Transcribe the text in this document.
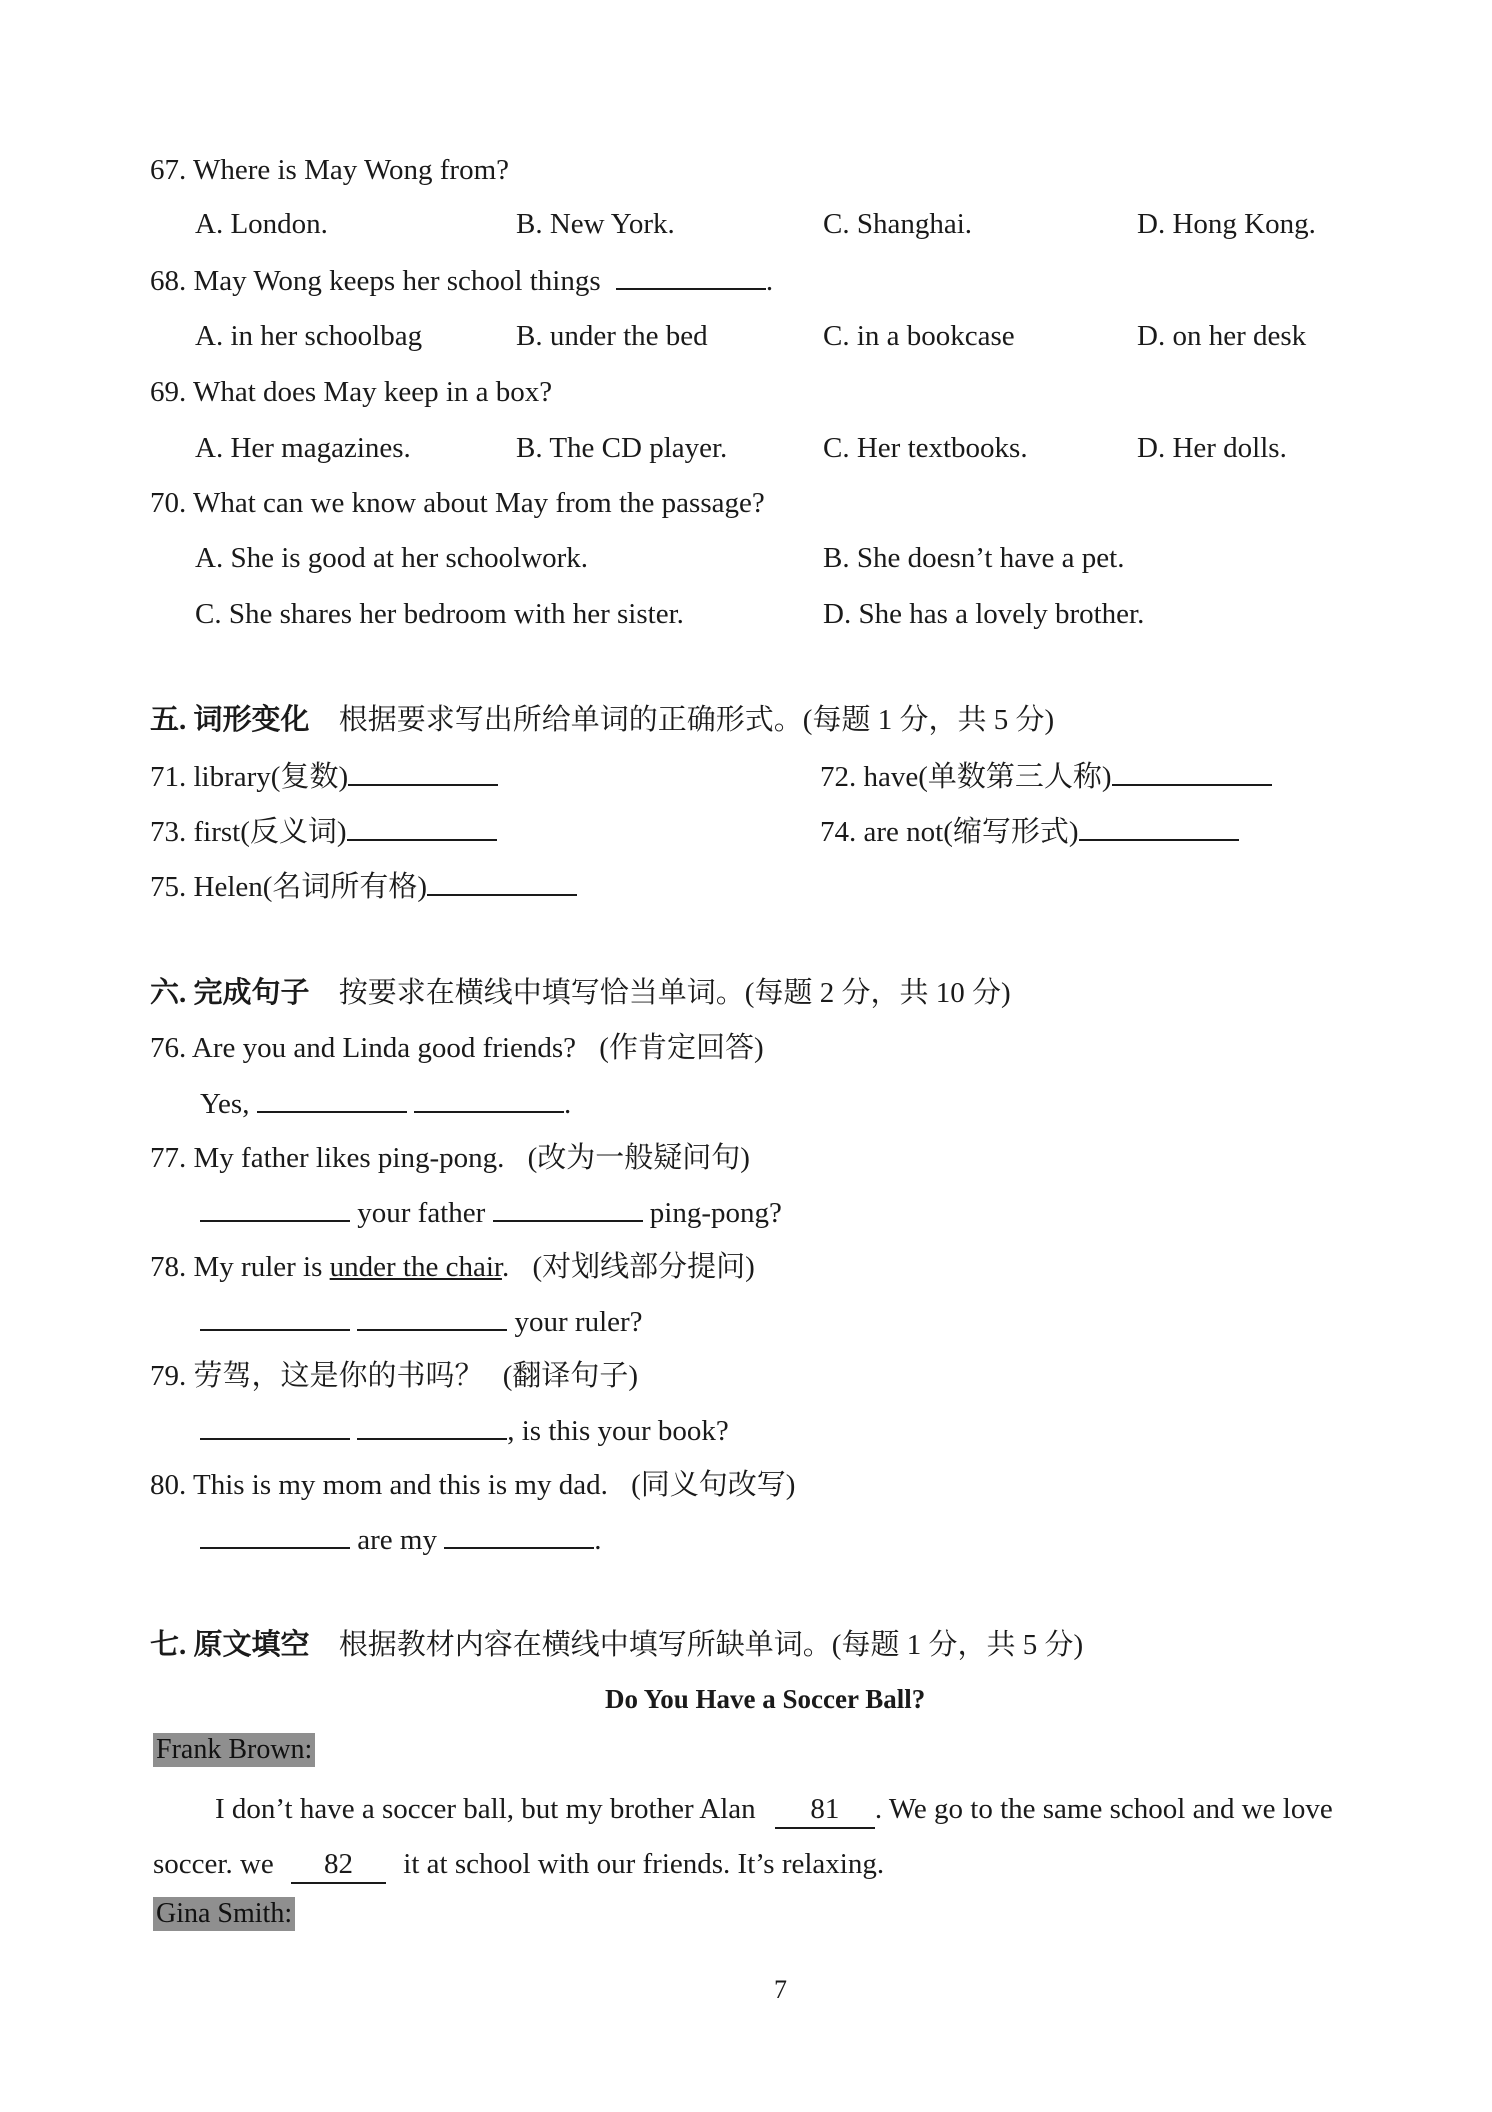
67. Where is May Wong from?
A. London.	B. New York.	C. Shanghai.	D. Hong Kong.
68. May Wong keeps her school things	.
A. in her schoolbag	B. under the bed	C. in a bookcase	D. on her desk
69. What does May keep in a box?
A. Her magazines.	B. The CD player.	C. Her textbooks.	D. Her dolls.
70. What can we know about May from the passage?
A. She is good at her schoolwork.	B. She doesn’t have a pet.
C. She shares her bedroom with her sister.	D. She has a lovely brother.
五. 词形变化 根据要求写出所给单词的正确形式。(每题 1 分，共 5 分)
71. library(复数)	72. have(单数第三人称)
73. first(反义词)	74. are not(缩写形式)
75. Helen(名词所有格)
六. 完成句子 按要求在横线中填写恰当单词。(每题 2 分，共 10 分)
76. Are you and Linda good friends? (作肯定回答)
Yes,	.
77. My father likes ping-pong. (改为一般疑问句)
your father	ping-pong?
78. My ruler is under the chair. (对划线部分提问)
your ruler?
79. 劳驾，这是你的书吗？ (翻译句子)
, is this your book?
80. This is my mom and this is my dad. (同义句改写)
are my	.
七. 原文填空 根据教材内容在横线中填写所缺单词。(每题 1 分，共 5 分)
Do You Have a Soccer Ball?
Frank Brown:
I don’t have a soccer ball, but my brother Alan 81 . We go to the same school and we love
soccer. we 82 it at school with our friends. It’s relaxing.
Gina Smith:
7
